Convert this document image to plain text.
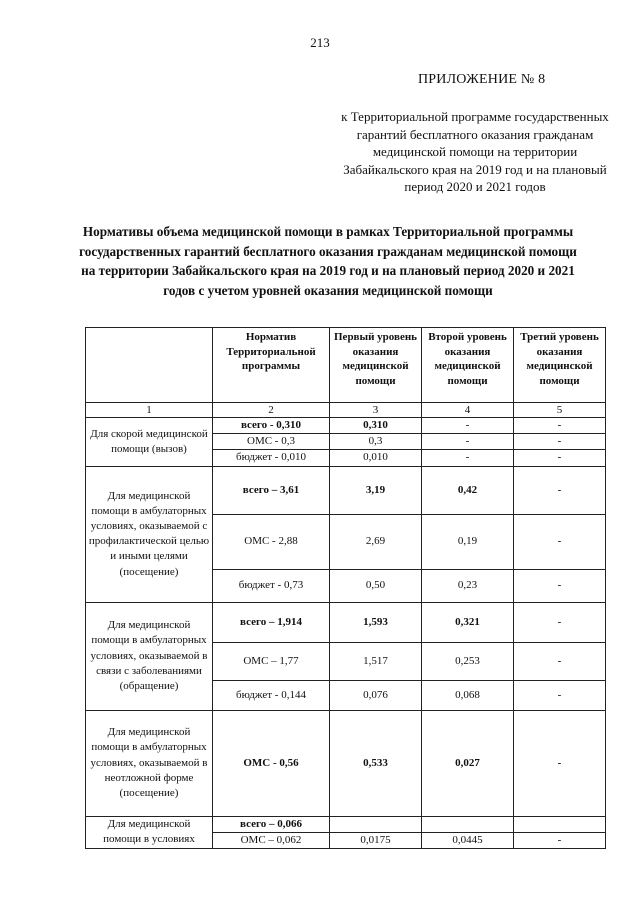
213
ПРИЛОЖЕНИЕ № 8
к Территориальной программе государственных гарантий бесплатного оказания гражданам медицинской помощи на территории Забайкальского края на 2019 год и на плановый период 2020 и 2021 годов
Нормативы объема медицинской помощи в рамках Территориальной программы государственных гарантий бесплатного оказания гражданам медицинской помощи на территории Забайкальского края на 2019 год и на плановый период 2020 и 2021 годов с учетом уровней оказания медицинской помощи
	Норматив Территориальной программы	Первый уровень оказания медицинской помощи	Второй уровень оказания медицинской помощи	Третий уровень оказания медицинской помощи
1	2	3	4	5
Для скорой медицинской помощи (вызов)	всего - 0,310	0,310	-	-
	ОМС - 0,3	0,3	-	-
	бюджет - 0,010	0,010	-	-
Для медицинской помощи в амбулаторных условиях, оказываемой с профилактической целью и иными целями (посещение)	всего – 3,61	3,19	0,42	-
	ОМС - 2,88	2,69	0,19	-
	бюджет - 0,73	0,50	0,23	-
Для медицинской помощи в амбулаторных условиях, оказываемой в связи с заболеваниями (обращение)	всего – 1,914	1,593	0,321	-
	ОМС – 1,77	1,517	0,253	-
	бюджет - 0,144	0,076	0,068	-
Для медицинской помощи в амбулаторных условиях, оказываемой в неотложной форме (посещение)	ОМС - 0,56	0,533	0,027	-
Для медицинской помощи в условиях	всего – 0,066			
	ОМС – 0,062	0,0175	0,0445	-
